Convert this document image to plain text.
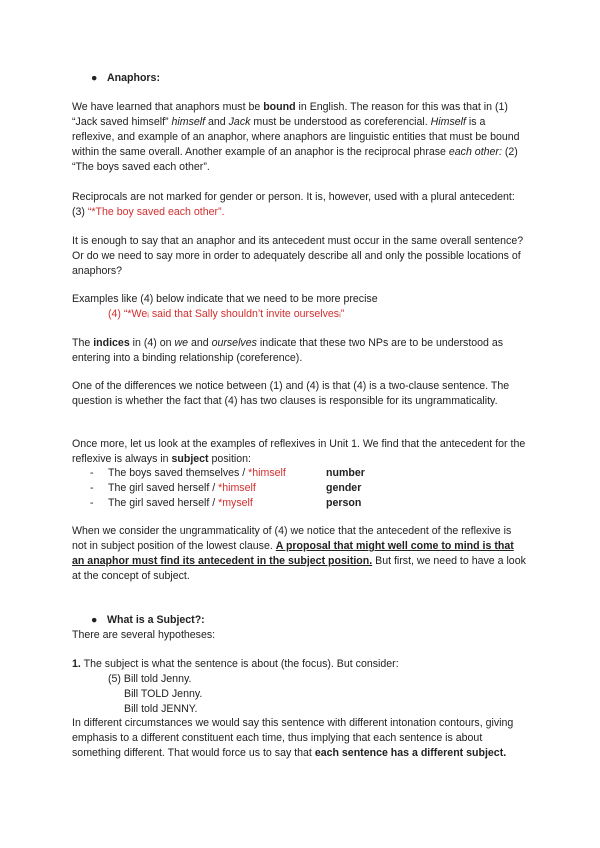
● Anaphors:
We have learned that anaphors must be bound in English. The reason for this was that in (1) “Jack saved himself” himself and Jack must be understood as coreferencial. Himself is a reflexive, and example of an anaphor, where anaphors are linguistic entities that must be bound within the same overall. Another example of an anaphor is the reciprocal phrase each other: (2) “The boys saved each other”.
Reciprocals are not marked for gender or person. It is, however, used with a plural antecedent: (3) “*The boy saved each other”.
It is enough to say that an anaphor and its antecedent must occur in the same overall sentence? Or do we need to say more in order to adequately describe all and only the possible locations of anaphors?
Examples like (4) below indicate that we need to be more precise
(4) “*Weᵢ said that Sally shouldn’t invite ourselvesᵢ”
The indices in (4) on we and ourselves indicate that these two NPs are to be understood as entering into a binding relationship (coreference).
One of the differences we notice between (1) and (4) is that (4) is a two-clause sentence. The question is whether the fact that (4) has two clauses is responsible for its ungrammaticality.
Once more, let us look at the examples of reflexives in Unit 1. We find that the antecedent for the reflexive is always in subject position:
- The boys saved themselves / *himself	number
- The girl saved herself / *himself	gender
- The girl saved herself / *myself	person
When we consider the ungrammaticality of (4) we notice that the antecedent of the reflexive is not in subject position of the lowest clause. A proposal that might well come to mind is that an anaphor must find its antecedent in the subject position. But first, we need to have a look at the concept of subject.
● What is a Subject?:
There are several hypotheses:
1. The subject is what the sentence is about (the focus). But consider:
(5) Bill told Jenny.
Bill TOLD Jenny.
Bill told JENNY.
In different circumstances we would say this sentence with different intonation contours, giving emphasis to a different constituent each time, thus implying that each sentence is about something different. That would force us to say that each sentence has a different subject.
